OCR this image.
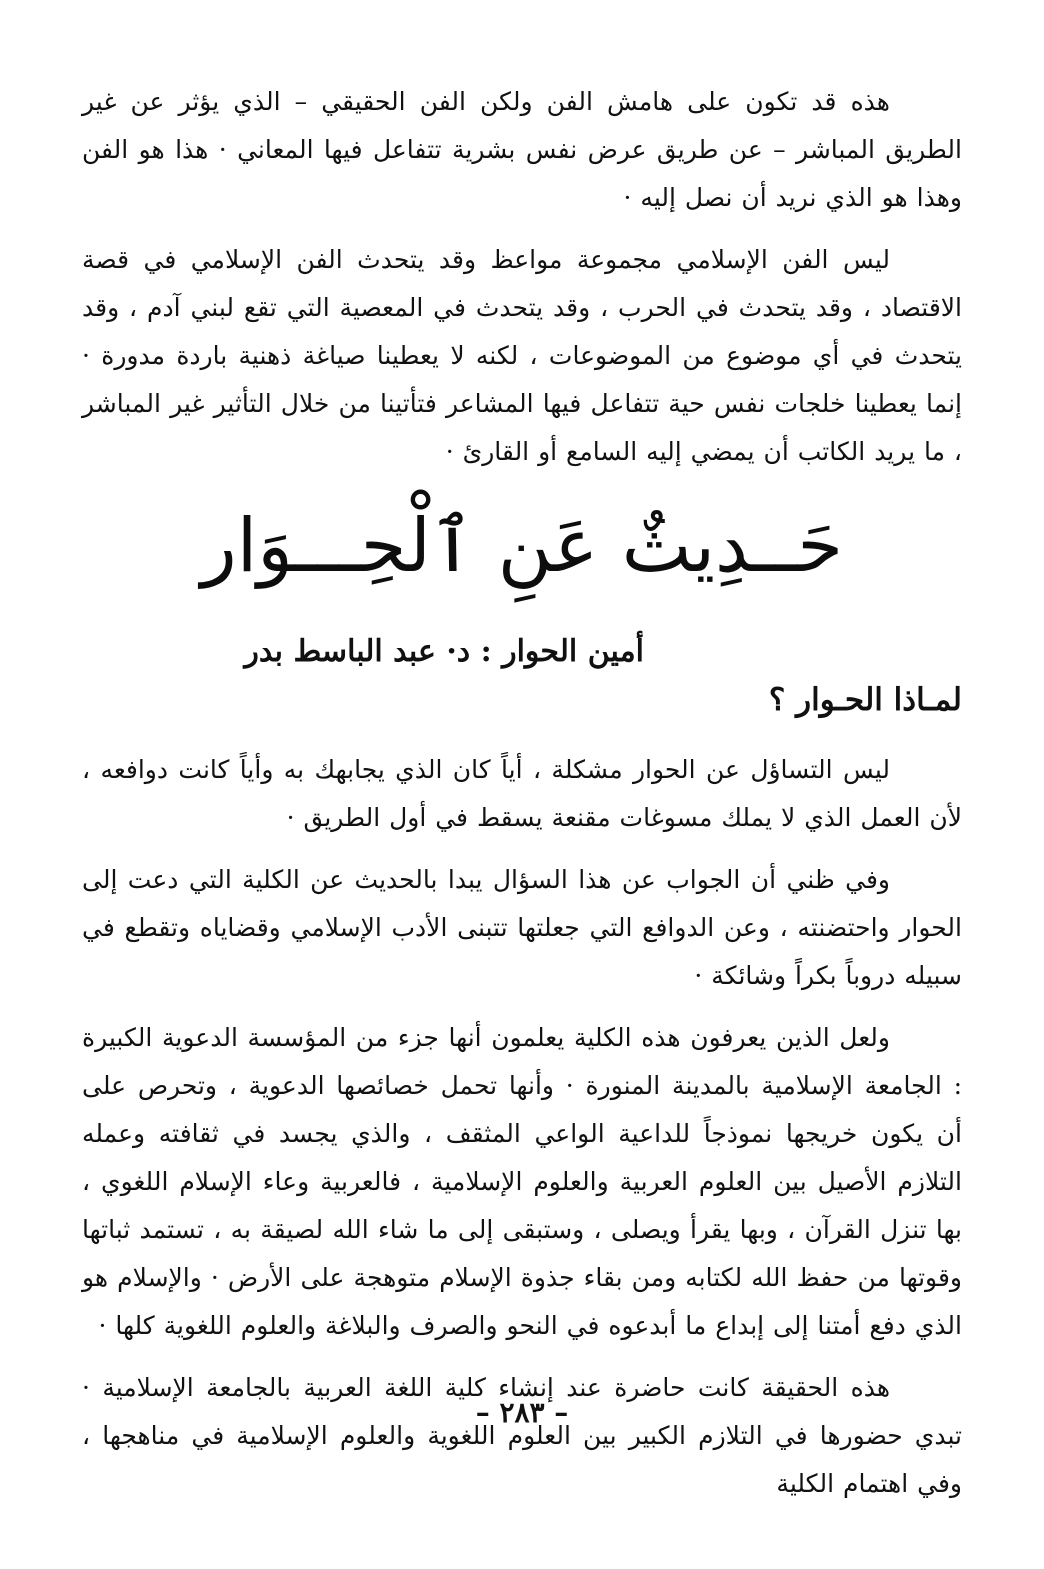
هذه قد تكون على هامش الفن ولكن الفن الحقيقي – الذي يؤثر عن غير الطريق المباشر – عن طريق عرض نفس بشرية تتفاعل فيها المعاني · هذا هو الفن وهذا هو الذي نريد أن نصل إليه ·

ليس الفن الإسلامي مجموعة مواعظ وقد يتحدث الفن الإسلامي في قصة الاقتصاد ، وقد يتحدث في الحرب ، وقد يتحدث في المعصية التي تقع لبني آدم ، وقد يتحدث في أي موضوع من الموضوعات ، لكنه لا يعطينا صياغة ذهنية باردة مدورة · إنما يعطينا خلجات نفس حية تتفاعل فيها المشاعر فتأتينا من خلال التأثير غير المباشر ، ما يريد الكاتب أن يمضي إليه السامع أو القارئ ·

حَــدِيثٌ عَنِ ٱلْحِـــوَار
أمين الحوار : د· عبد الباسط بدر
لمـاذا الحـوار ؟

ليس التساؤل عن الحوار مشكلة ، أياً كان الذي يجابهك به وأياً كانت دوافعه ، لأن العمل الذي لا يملك مسوغات مقنعة يسقط في أول الطريق ·

وفي ظني أن الجواب عن هذا السؤال يبدا بالحديث عن الكلية التي دعت إلى الحوار واحتضنته ، وعن الدوافع التي جعلتها تتبنى الأدب الإسلامي وقضاياه وتقطع في سبيله دروباً بكراً وشائكة ·

ولعل الذين يعرفون هذه الكلية يعلمون أنها جزء من المؤسسة الدعوية الكبيرة : الجامعة الإسلامية بالمدينة المنورة · وأنها تحمل خصائصها الدعوية ، وتحرص على أن يكون خريجها نموذجاً للداعية الواعي المثقف ، والذي يجسد في ثقافته وعمله التلازم الأصيل بين العلوم العربية والعلوم الإسلامية ، فالعربية وعاء الإسلام اللغوي ، بها تنزل القرآن ، وبها يقرأ ويصلى ، وستبقى إلى ما شاء الله لصيقة به ، تستمد ثباتها وقوتها من حفظ الله لكتابه ومن بقاء جذوة الإسلام متوهجة على الأرض · والإسلام هو الذي دفع أمتنا إلى إبداع ما أبدعوه في النحو والصرف والبلاغة والعلوم اللغوية كلها ·

هذه الحقيقة كانت حاضرة عند إنشاء كلية اللغة العربية بالجامعة الإسلامية · تبدي حضورها في التلازم الكبير بين العلوم اللغوية والعلوم الإسلامية في مناهجها ، وفي اهتمام الكلية

– ٢٨٣ –
